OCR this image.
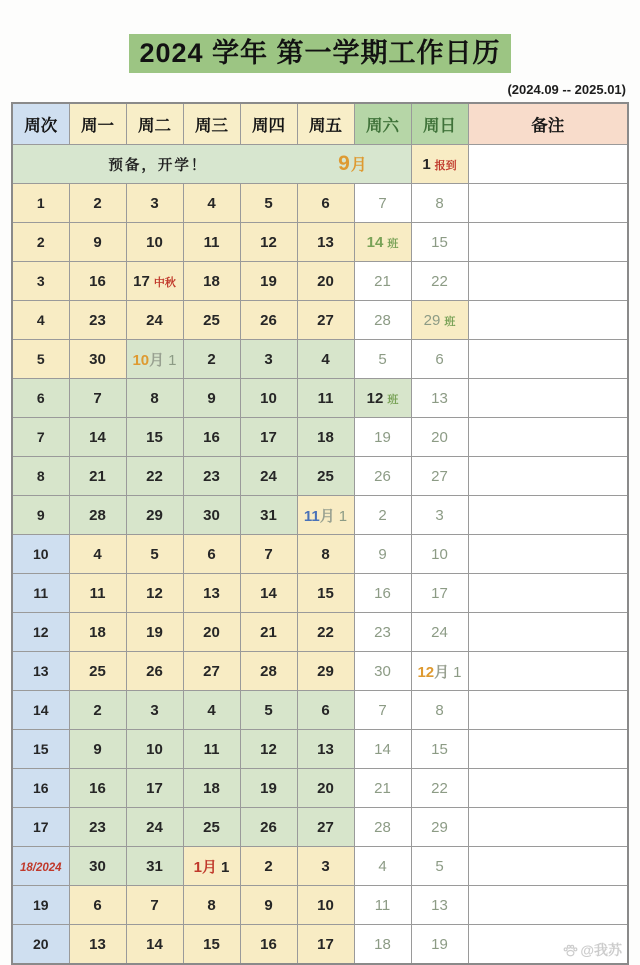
2024 学年 第一学期工作日历
(2024.09 -- 2025.01)
周次	周一	周二	周三	周四	周五	周六	周日	备注

预备，开学！ 9月							1 报到	
1	2	3	4	5	6	7	8	
2	9	10	11	12	13	14 班	15	
3	16	17 中秋	18	19	20	21	22	
4	23	24	25	26	27	28	29 班	
5	30	10月 1	2	3	4	5	6	
6	7	8	9	10	11	12 班	13	
7	14	15	16	17	18	19	20	
8	21	22	23	24	25	26	27	
9	28	29	30	31	11月 1	2	3	
10	4	5	6	7	8	9	10	
11	11	12	13	14	15	16	17	
12	18	19	20	21	22	23	24	
13	25	26	27	28	29	30	12月 1	
14	2	3	4	5	6	7	8	
15	9	10	11	12	13	14	15	
16	16	17	18	19	20	21	22	
17	23	24	25	26	27	28	29	
18/2024	30	31	1月 1	2	3	4	5	
19	6	7	8	9	10	11	13	
20	13	14	15	16	17	18	19	@我苏
